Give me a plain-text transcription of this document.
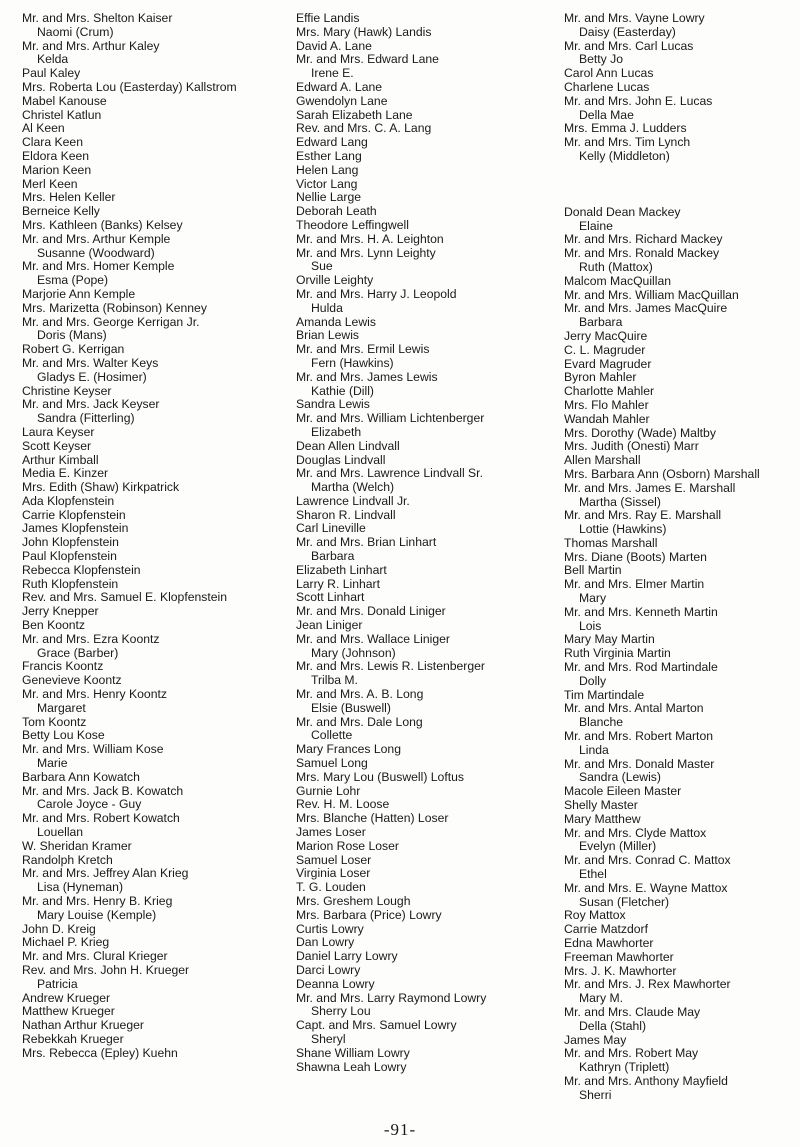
Mr. and Mrs. Shelton Kaiser
Naomi (Crum)
Mr. and Mrs. Arthur Kaley
Kelda
Paul Kaley
Mrs. Roberta Lou (Easterday) Kallstrom
Mabel Kanouse
Christel Katlun
Al Keen
Clara Keen
Eldora Keen
Marion Keen
Merl Keen
Mrs. Helen Keller
Berneice Kelly
Mrs. Kathleen (Banks) Kelsey
Mr. and Mrs. Arthur Kemple
Susanne (Woodward)
Mr. and Mrs. Homer Kemple
Esma (Pope)
Marjorie Ann Kemple
Mrs. Marizetta (Robinson) Kenney
Mr. and Mrs. George Kerrigan Jr.
Doris (Mans)
Robert G. Kerrigan
Mr. and Mrs. Walter Keys
Gladys E. (Hosimer)
Christine Keyser
Mr. and Mrs. Jack Keyser
Sandra (Fitterling)
Laura Keyser
Scott Keyser
Arthur Kimball
Media E. Kinzer
Mrs. Edith (Shaw) Kirkpatrick
Ada Klopfenstein
Carrie Klopfenstein
James Klopfenstein
John Klopfenstein
Paul Klopfenstein
Rebecca Klopfenstein
Ruth Klopfenstein
Rev. and Mrs. Samuel E. Klopfenstein
Jerry Knepper
Ben Koontz
Mr. and Mrs. Ezra Koontz
Grace (Barber)
Francis Koontz
Genevieve Koontz
Mr. and Mrs. Henry Koontz
Margaret
Tom Koontz
Betty Lou Kose
Mr. and Mrs. William Kose
Marie
Barbara Ann Kowatch
Mr. and Mrs. Jack B. Kowatch
Carole Joyce - Guy
Mr. and Mrs. Robert Kowatch
Louellan
W. Sheridan Kramer
Randolph Kretch
Mr. and Mrs. Jeffrey Alan Krieg
Lisa (Hyneman)
Mr. and Mrs. Henry B. Krieg
Mary Louise (Kemple)
John D. Kreig
Michael P. Krieg
Mr. and Mrs. Clural Krieger
Rev. and Mrs. John H. Krueger
Patricia
Andrew Krueger
Matthew Krueger
Nathan Arthur Krueger
Rebekkah Krueger
Mrs. Rebecca (Epley) Kuehn
Effie Landis
Mrs. Mary (Hawk) Landis
David A. Lane
Mr. and Mrs. Edward Lane
Irene E.
Edward A. Lane
Gwendolyn Lane
Sarah Elizabeth Lane
Rev. and Mrs. C. A. Lang
Edward Lang
Esther Lang
Helen Lang
Victor Lang
Nellie Large
Deborah Leath
Theodore Leffingwell
Mr. and Mrs. H. A. Leighton
Mr. and Mrs. Lynn Leighty
Sue
Orville Leighty
Mr. and Mrs. Harry J. Leopold
Hulda
Amanda Lewis
Brian Lewis
Mr. and Mrs. Ermil Lewis
Fern (Hawkins)
Mr. and Mrs. James Lewis
Kathie (Dill)
Sandra Lewis
Mr. and Mrs. William Lichtenberger
Elizabeth
Dean Allen Lindvall
Douglas Lindvall
Mr. and Mrs. Lawrence Lindvall Sr.
Martha (Welch)
Lawrence Lindvall Jr.
Sharon R. Lindvall
Carl Lineville
Mr. and Mrs. Brian Linhart
Barbara
Elizabeth Linhart
Larry R. Linhart
Scott Linhart
Mr. and Mrs. Donald Liniger
Jean Liniger
Mr. and Mrs. Wallace Liniger
Mary (Johnson)
Mr. and Mrs. Lewis R. Listenberger
Trilba M.
Mr. and Mrs. A. B. Long
Elsie (Buswell)
Mr. and Mrs. Dale Long
Collette
Mary Frances Long
Samuel Long
Mrs. Mary Lou (Buswell) Loftus
Gurnie Lohr
Rev. H. M. Loose
Mrs. Blanche (Hatten) Loser
James Loser
Marion Rose Loser
Samuel Loser
Virginia Loser
T. G. Louden
Mrs. Greshem Lough
Mrs. Barbara (Price) Lowry
Curtis Lowry
Dan Lowry
Daniel Larry Lowry
Darci Lowry
Deanna Lowry
Mr. and Mrs. Larry Raymond Lowry
Sherry Lou
Capt. and Mrs. Samuel Lowry
Sheryl
Shane William Lowry
Shawna Leah Lowry
Mr. and Mrs. Vayne Lowry
Daisy (Easterday)
Mr. and Mrs. Carl Lucas
Betty Jo
Carol Ann Lucas
Charlene Lucas
Mr. and Mrs. John E. Lucas
Della Mae
Mrs. Emma J. Ludders
Mr. and Mrs. Tim Lynch
Kelly (Middleton)
Donald Dean Mackey
Elaine
Mr. and Mrs. Richard Mackey
Mr. and Mrs. Ronald Mackey
Ruth (Mattox)
Malcom MacQuillan
Mr. and Mrs. William MacQuillan
Mr. and Mrs. James MacQuire
Barbara
Jerry MacQuire
C. L. Magruder
Evard Magruder
Byron Mahler
Charlotte Mahler
Mrs. Flo Mahler
Wandah Mahler
Mrs. Dorothy (Wade) Maltby
Mrs. Judith (Onesti) Marr
Allen Marshall
Mrs. Barbara Ann (Osborn) Marshall
Mr. and Mrs. James E. Marshall
Martha (Sissel)
Mr. and Mrs. Ray E. Marshall
Lottie (Hawkins)
Thomas Marshall
Mrs. Diane (Boots) Marten
Bell Martin
Mr. and Mrs. Elmer Martin
Mary
Mr. and Mrs. Kenneth Martin
Lois
Mary May Martin
Ruth Virginia Martin
Mr. and Mrs. Rod Martindale
Dolly
Tim Martindale
Mr. and Mrs. Antal Marton
Blanche
Mr. and Mrs. Robert Marton
Linda
Mr. and Mrs. Donald Master
Sandra (Lewis)
Macole Eileen Master
Shelly Master
Mary Matthew
Mr. and Mrs. Clyde Mattox
Evelyn (Miller)
Mr. and Mrs. Conrad C. Mattox
Ethel
Mr. and Mrs. E. Wayne Mattox
Susan (Fletcher)
Roy Mattox
Carrie Matzdorf
Edna Mawhorter
Freeman Mawhorter
Mrs. J. K. Mawhorter
Mr. and Mrs. J. Rex Mawhorter
Mary M.
Mr. and Mrs. Claude May
Della (Stahl)
James May
Mr. and Mrs. Robert May
Kathryn (Triplett)
Mr. and Mrs. Anthony Mayfield
Sherri
-91-
